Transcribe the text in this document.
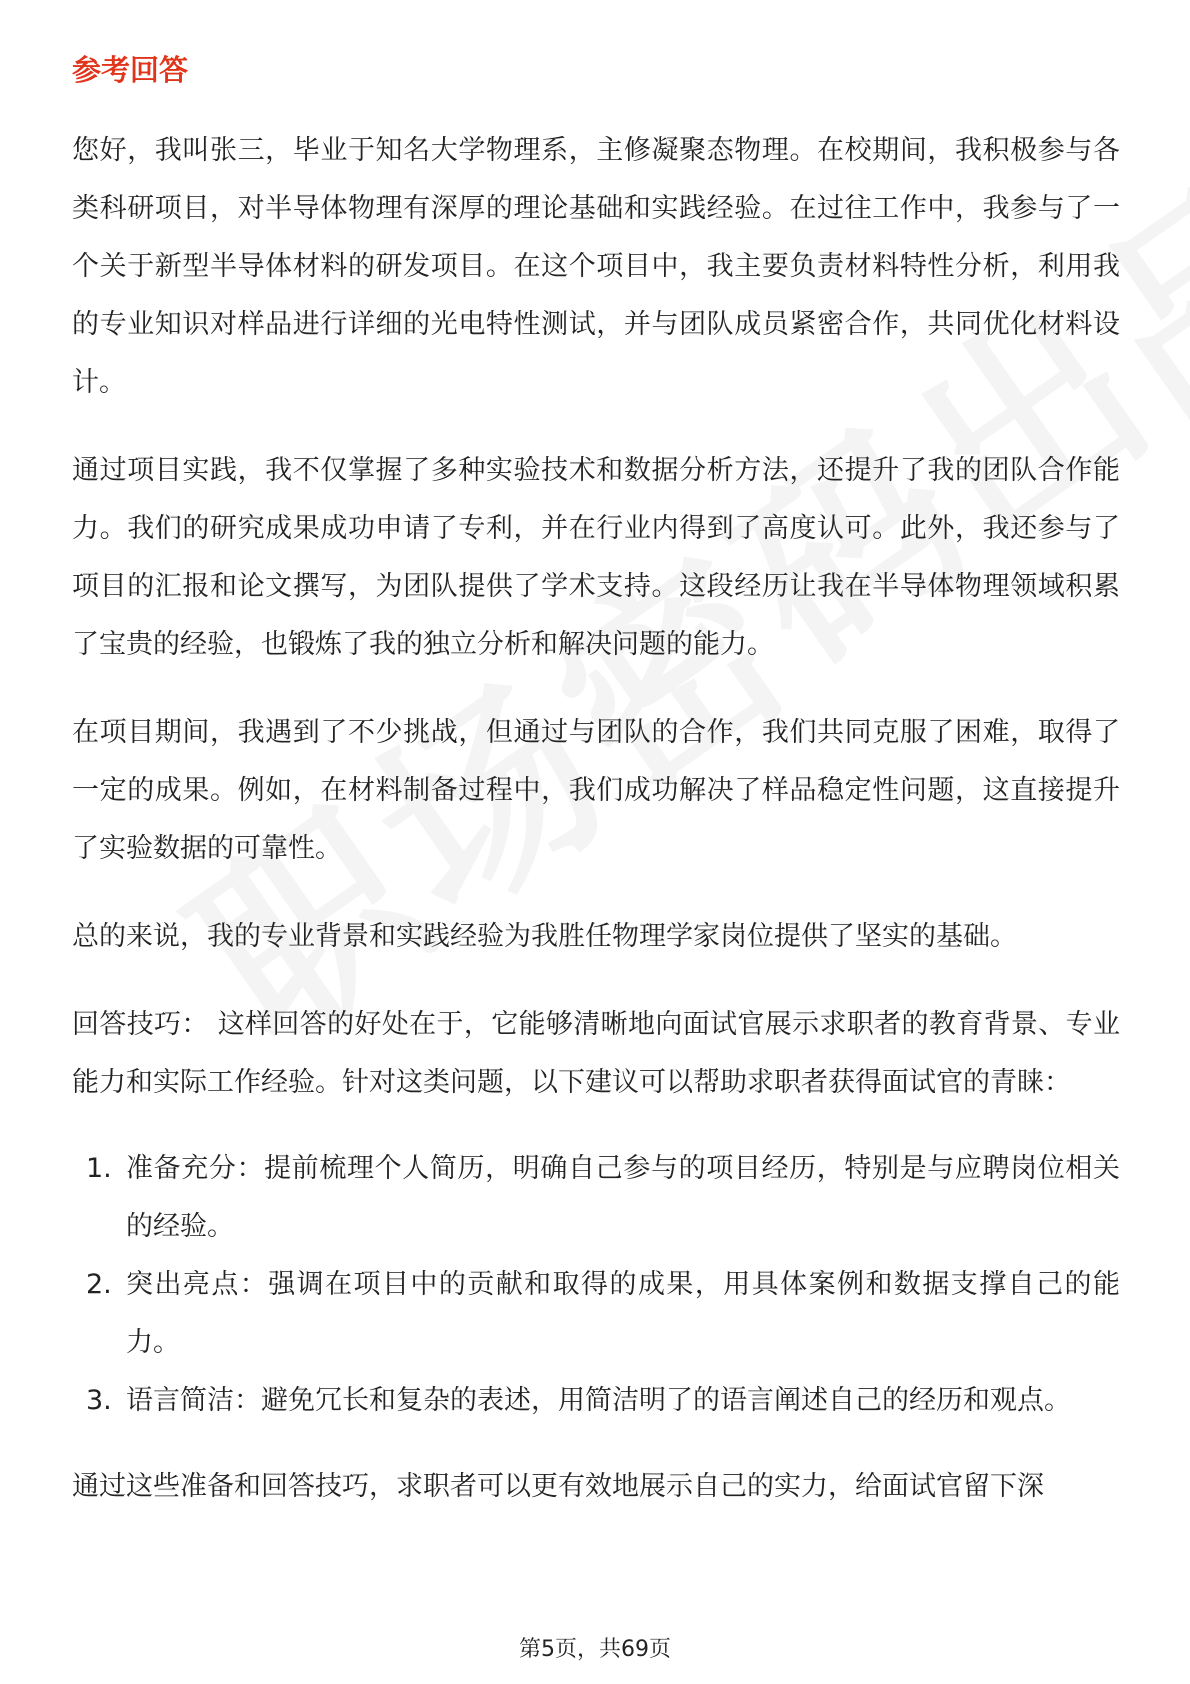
参考回答

您好，我叫张三，毕业于知名大学物理系，主修凝聚态物理。在校期间，我积极参与各类科研项目，对半导体物理有深厚的理论基础和实践经验。在过往工作中，我参与了一个关于新型半导体材料的研发项目。在这个项目中，我主要负责材料特性分析，利用我的专业知识对样品进行详细的光电特性测试，并与团队成员紧密合作，共同优化材料设计。

通过项目实践，我不仅掌握了多种实验技术和数据分析方法，还提升了我的团队合作能力。我们的研究成果成功申请了专利，并在行业内得到了高度认可。此外，我还参与了项目的汇报和论文撰写，为团队提供了学术支持。这段经历让我在半导体物理领域积累了宝贵的经验，也锻炼了我的独立分析和解决问题的能力。

在项目期间，我遇到了不少挑战，但通过与团队的合作，我们共同克服了困难，取得了一定的成果。例如，在材料制备过程中，我们成功解决了样品稳定性问题，这直接提升了实验数据的可靠性。

总的来说，我的专业背景和实践经验为我胜任物理学家岗位提供了坚实的基础。

回答技巧： 这样回答的好处在于，它能够清晰地向面试官展示求职者的教育背景、专业能力和实际工作经验。针对这类问题，以下建议可以帮助求职者获得面试官的青睐：

1. 准备充分：提前梳理个人简历，明确自己参与的项目经历，特别是与应聘岗位相关的经验。
2. 突出亮点：强调在项目中的贡献和取得的成果，用具体案例和数据支撑自己的能力。
3. 语言简洁：避免冗长和复杂的表述，用简洁明了的语言阐述自己的经历和观点。

通过这些准备和回答技巧，求职者可以更有效地展示自己的实力，给面试官留下深

第5页，共69页
